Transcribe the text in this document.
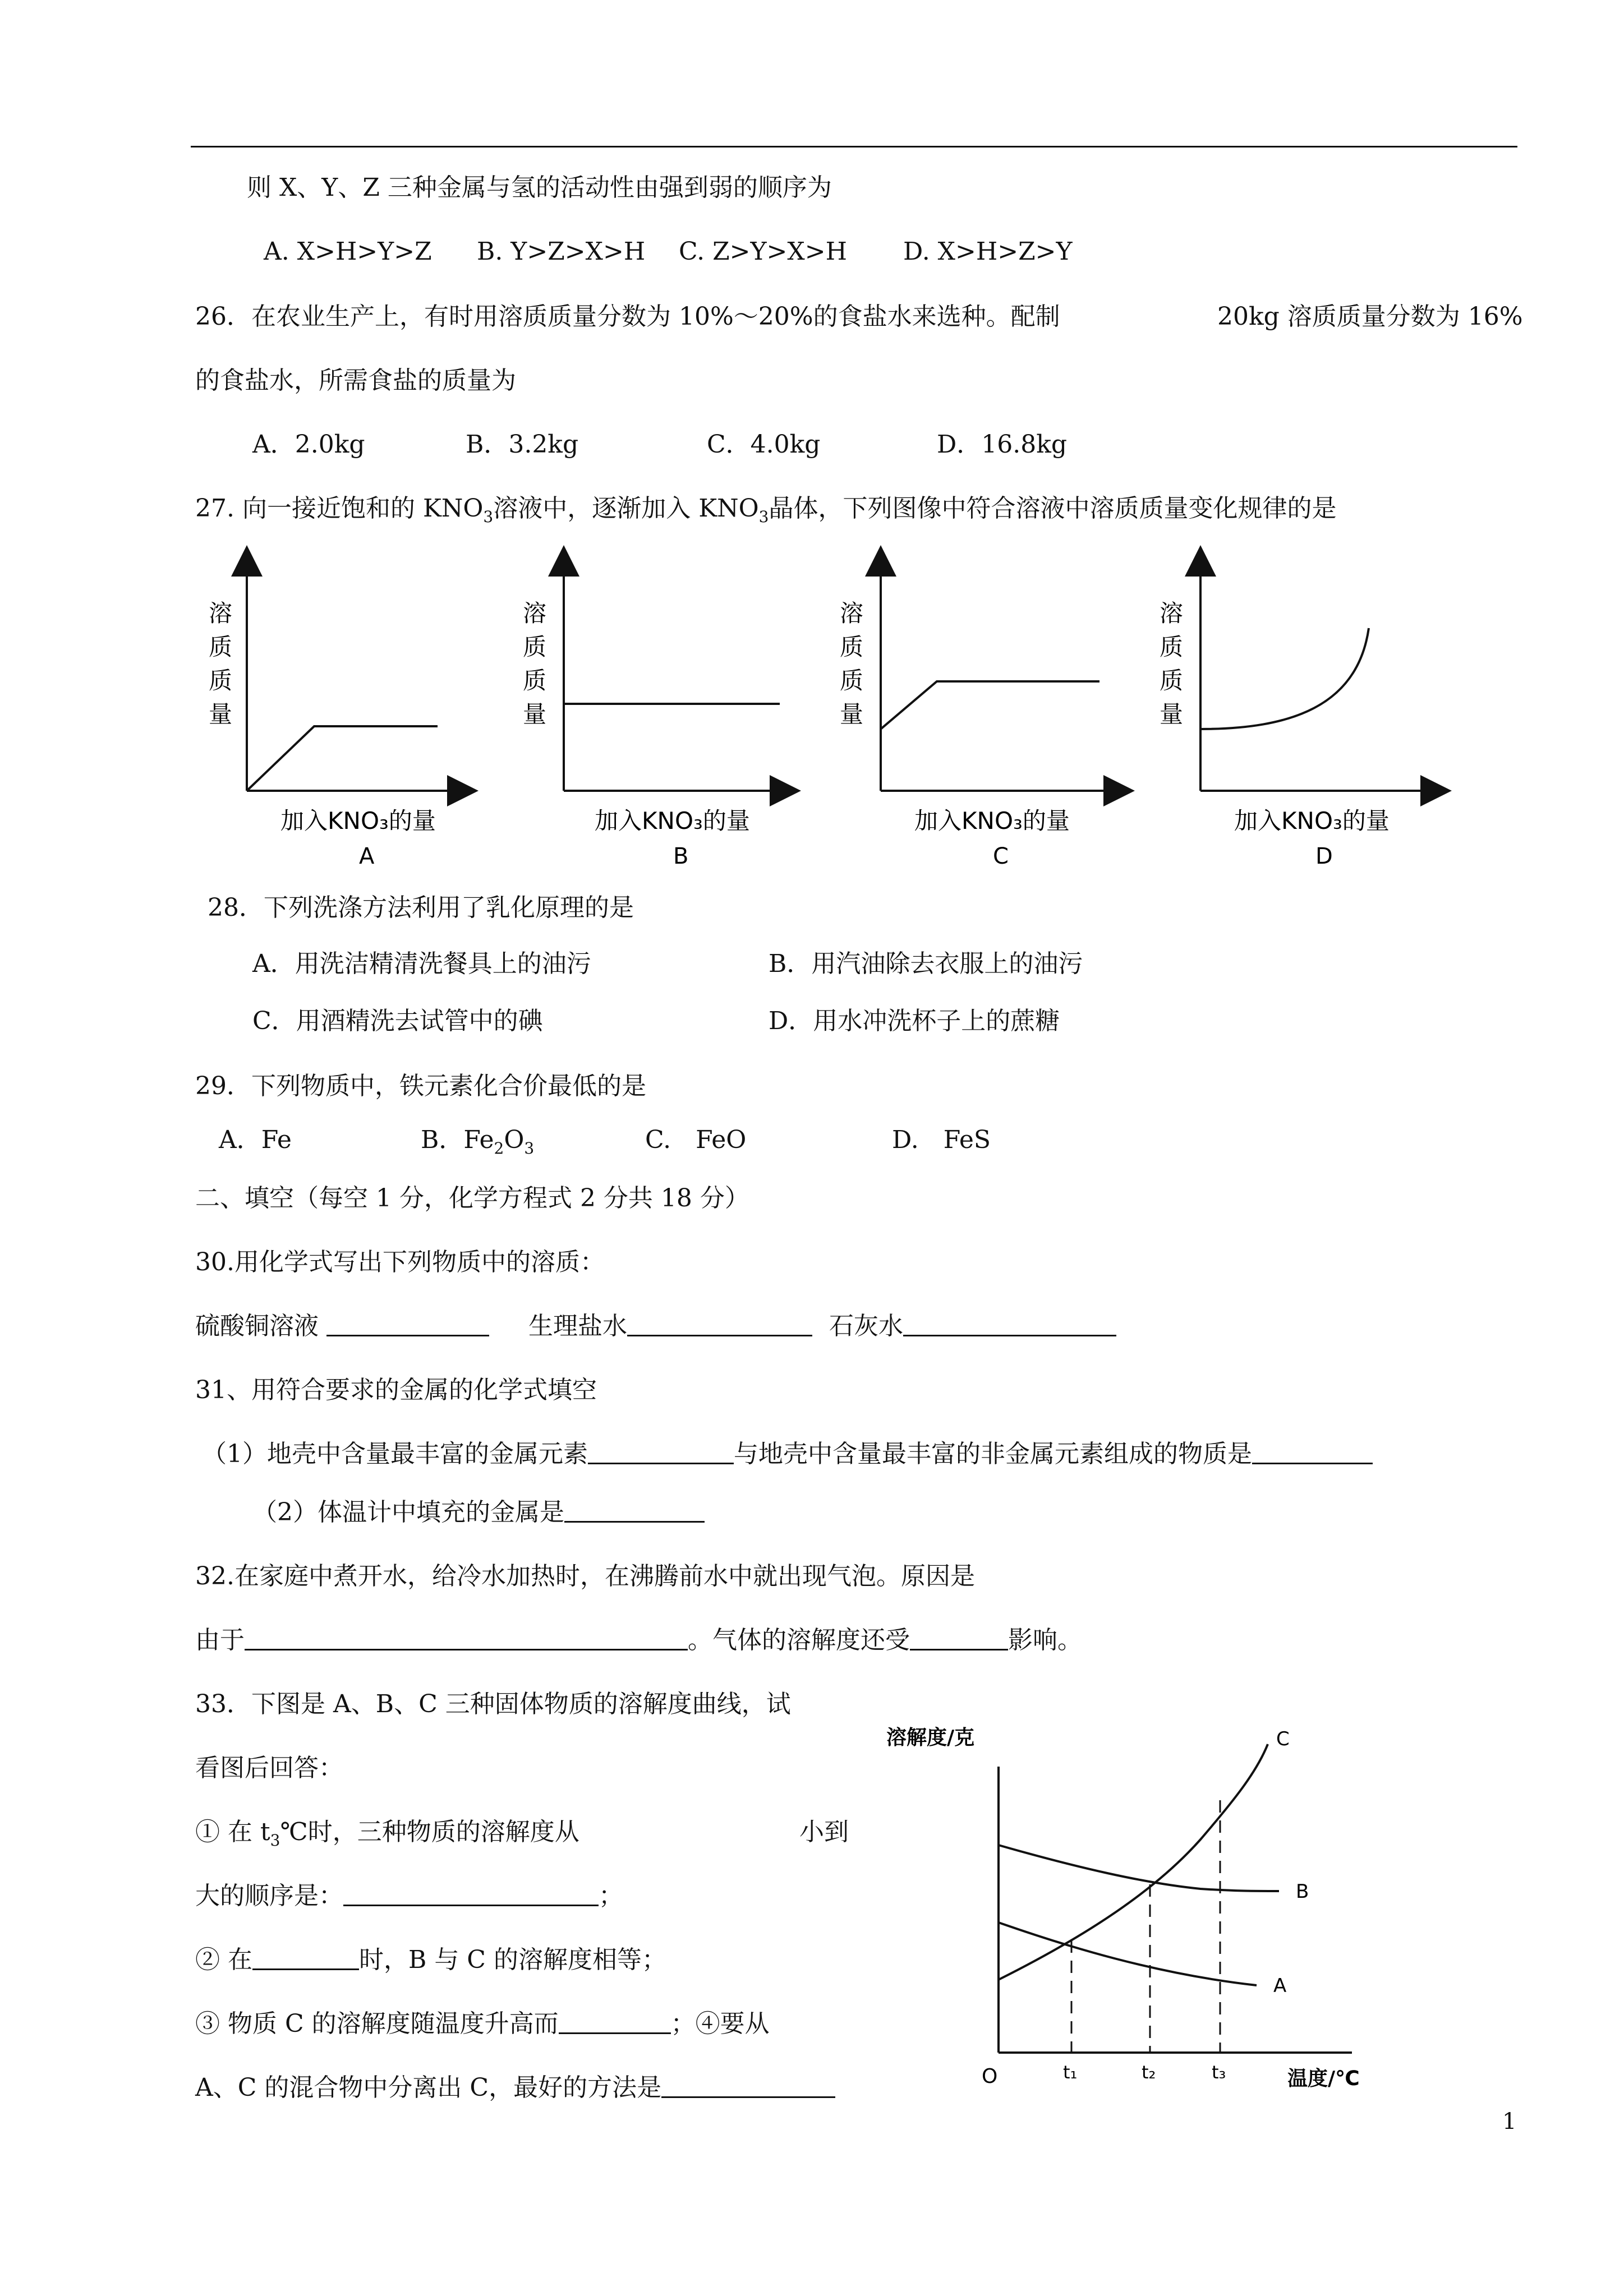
则 X、Y、Z 三种金属与氢的活动性由强到弱的顺序为
A. X>H>Y>Z B. Y>Z>X>H C. Z>Y>X>H D. X>H>Z>Y
26．在农业生产上，有时用溶质质量分数为 10%～20%的食盐水来选种。配制	20kg 溶质质量分数为 16%
的食盐水，所需食盐的质量为
A．2.0kg	B．3.2kg	C．4.0kg	D．16.8kg
27. 向一接近饱和的 $KNO_3$溶液中，逐渐加入 $KNO_3$晶体，下列图像中符合溶液中溶质质量变化规律的是
溶
质
质
量
加入KNO₃的量
A
溶
质
质
量
加入KNO₃的量
B
溶
质
质
量
加入KNO₃的量
C
溶
质
质
量
加入KNO₃的量
D
28．下列洗涤方法利用了乳化原理的是
A．用洗洁精清洗餐具上的油污	B．用汽油除去衣服上的油污
C．用酒精洗去试管中的碘	D．用水冲洗杯子上的蔗糖
29．下列物质中，铁元素化合价最低的是
A．Fe	B．$Fe_2O_3$	C.　FeO	D.　FeS
二、填空（每空 1 分，化学方程式 2 分共 18 分）
30.用化学式写出下列物质中的溶质：
硫酸铜溶液	生理盐水	石灰水
31、用符合要求的金属的化学式填空
（1）地壳中含量最丰富的金属元素	与地壳中含量最丰富的非金属元素组成的物质是
（2）体温计中填充的金属是
32.在家庭中煮开水，给冷水加热时，在沸腾前水中就出现气泡。原因是
由于	。气体的溶解度还受	影响。
33．下图是 A、B、C 三种固体物质的溶解度曲线，试
看图后回答：
① 在 $t_3℃$时，三种物质的溶解度从	小到
大的顺序是：	；
② 在	时，B 与 C 的溶解度相等；
③ 物质 C 的溶解度随温度升高而	；④要从
A、C 的混合物中分离出 C，最好的方法是
溶解度/克
温度/℃
O
A
B
C
t₁	t₂	t₃
1
